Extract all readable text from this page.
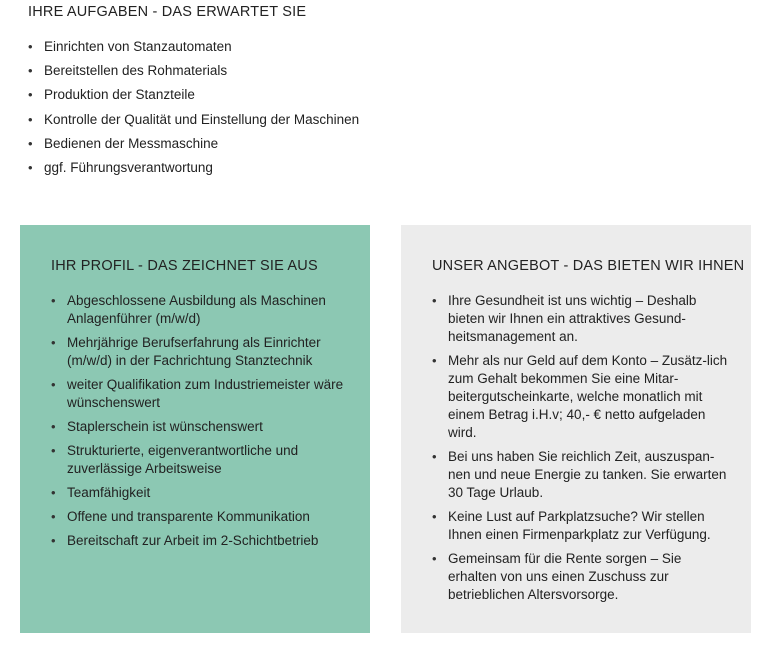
IHRE AUFGABEN - DAS ERWARTET SIE
• Einrichten von Stanzautomaten
• Bereitstellen des Rohmaterials
• Produktion der Stanzteile
• Kontrolle der Qualität und Einstellung der Maschinen
• Bedienen der Messmaschine
• ggf. Führungsverantwortung
IHR PROFIL - DAS ZEICHNET SIE AUS
• Abgeschlossene Ausbildung als Maschinen Anlagenführer (m/w/d)
• Mehrjährige Berufserfahrung als Einrichter (m/w/d) in der Fachrichtung Stanztechnik
• weiter Qualifikation zum Industriemeister wäre wünschenswert
• Staplerschein ist wünschenswert
• Strukturierte, eigenverantwortliche und zuverlässige Arbeitsweise
• Teamfähigkeit
• Offene und transparente Kommunikation
• Bereitschaft zur Arbeit im 2-Schichtbetrieb
UNSER ANGEBOT - DAS BIETEN WIR IHNEN
• Ihre Gesundheit ist uns wichtig – Deshalb bieten wir Ihnen ein attraktives Gesund-heitsmanagement an.
• Mehr als nur Geld auf dem Konto – Zusätz-lich zum Gehalt bekommen Sie eine Mitar-beitergutscheinkarte, welche monatlich mit einem Betrag i.H.v; 40,- € netto aufgeladen wird.
• Bei uns haben Sie reichlich Zeit, auszuspan-nen und neue Energie zu tanken. Sie erwarten 30 Tage Urlaub.
• Keine Lust auf Parkplatzsuche? Wir stellen Ihnen einen Firmenparkplatz zur Verfügung.
• Gemeinsam für die Rente sorgen – Sie erhalten von uns einen Zuschuss zur betrieblichen Altersvorsorge.
